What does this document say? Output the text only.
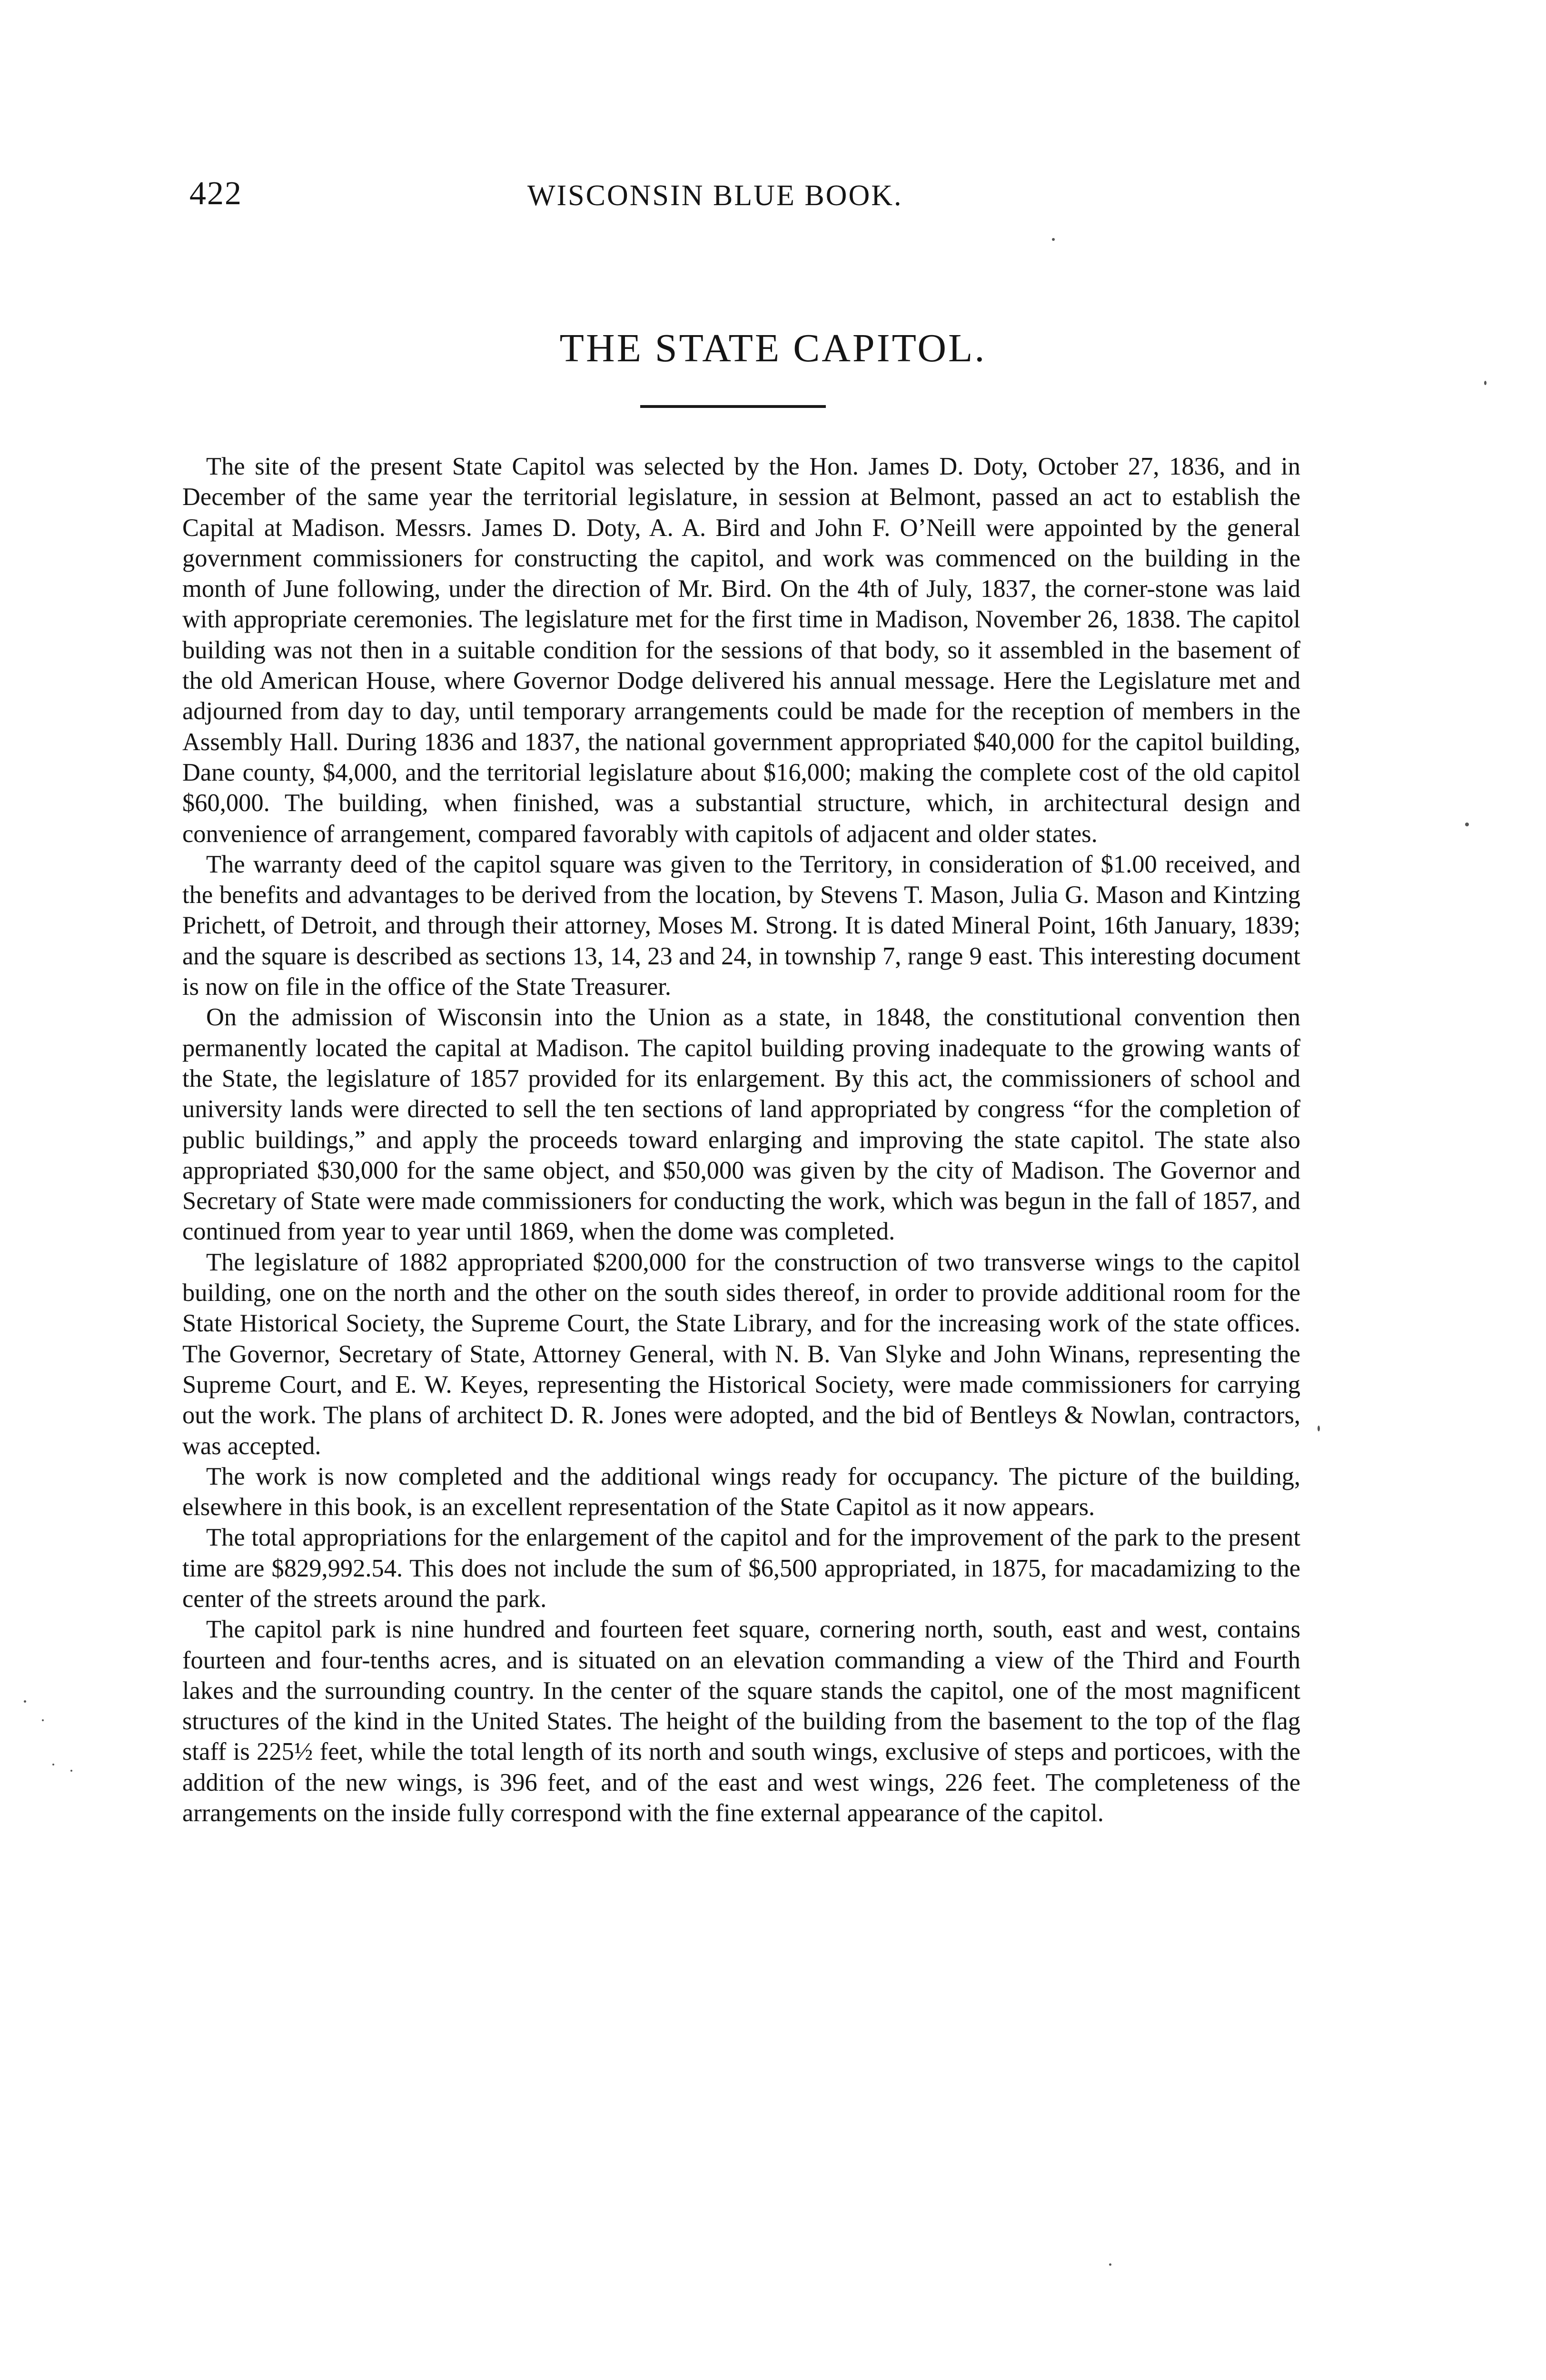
422	WISCONSIN BLUE BOOK.
THE STATE CAPITOL.

The site of the present State Capitol was selected by the Hon. James D. Doty, October 27, 1836, and in December of the same year the territorial legislature, in session at Belmont, passed an act to establish the Capital at Madison. Messrs. James D. Doty, A. A. Bird and John F. O’Neill were appointed by the general government commissioners for constructing the capitol, and work was commenced on the building in the month of June following, under the direction of Mr. Bird. On the 4th of July, 1837, the corner-stone was laid with appropriate ceremonies. The legislature met for the first time in Madison, November 26, 1838. The capitol building was not then in a suitable condition for the sessions of that body, so it assembled in the basement of the old American House, where Governor Dodge delivered his annual message. Here the Legislature met and adjourned from day to day, until temporary arrangements could be made for the reception of members in the Assembly Hall. During 1836 and 1837, the national government appropriated $40,000 for the capitol building, Dane county, $4,000, and the territorial legislature about $16,000; making the complete cost of the old capitol $60,000. The building, when finished, was a substantial structure, which, in architectural design and convenience of arrangement, compared favorably with capitols of adjacent and older states.

The warranty deed of the capitol square was given to the Territory, in consideration of $1.00 received, and the benefits and advantages to be derived from the location, by Stevens T. Mason, Julia G. Mason and Kintzing Prichett, of Detroit, and through their attorney, Moses M. Strong. It is dated Mineral Point, 16th January, 1839; and the square is described as sections 13, 14, 23 and 24, in township 7, range 9 east. This interesting document is now on file in the office of the State Treasurer.

On the admission of Wisconsin into the Union as a state, in 1848, the constitutional convention then permanently located the capital at Madison. The capitol building proving inadequate to the growing wants of the State, the legislature of 1857 provided for its enlargement. By this act, the commissioners of school and university lands were directed to sell the ten sections of land appropriated by congress “for the completion of public buildings,” and apply the proceeds toward enlarging and improving the state capitol. The state also appropriated $30,000 for the same object, and $50,000 was given by the city of Madison. The Governor and Secretary of State were made commissioners for conducting the work, which was begun in the fall of 1857, and continued from year to year until 1869, when the dome was completed.

The legislature of 1882 appropriated $200,000 for the construction of two transverse wings to the capitol building, one on the north and the other on the south sides thereof, in order to provide additional room for the State Historical Society, the Supreme Court, the State Library, and for the increasing work of the state offices. The Governor, Secretary of State, Attorney General, with N. B. Van Slyke and John Winans, representing the Supreme Court, and E. W. Keyes, representing the Historical Society, were made commissioners for carrying out the work. The plans of architect D. R. Jones were adopted, and the bid of Bentleys & Nowlan, contractors, was accepted.

The work is now completed and the additional wings ready for occupancy. The picture of the building, elsewhere in this book, is an excellent representation of the State Capitol as it now appears.

The total appropriations for the enlargement of the capitol and for the improvement of the park to the present time are $829,992.54. This does not include the sum of $6,500 appropriated, in 1875, for macadamizing to the center of the streets around the park.

The capitol park is nine hundred and fourteen feet square, cornering north, south, east and west, contains fourteen and four-tenths acres, and is situated on an elevation commanding a view of the Third and Fourth lakes and the surrounding country. In the center of the square stands the capitol, one of the most magnificent structures of the kind in the United States. The height of the building from the basement to the top of the flag staff is 225½ feet, while the total length of its north and south wings, exclusive of steps and porticoes, with the addition of the new wings, is 396 feet, and of the east and west wings, 226 feet. The completeness of the arrangements on the inside fully correspond with the fine external appearance of the capitol.
